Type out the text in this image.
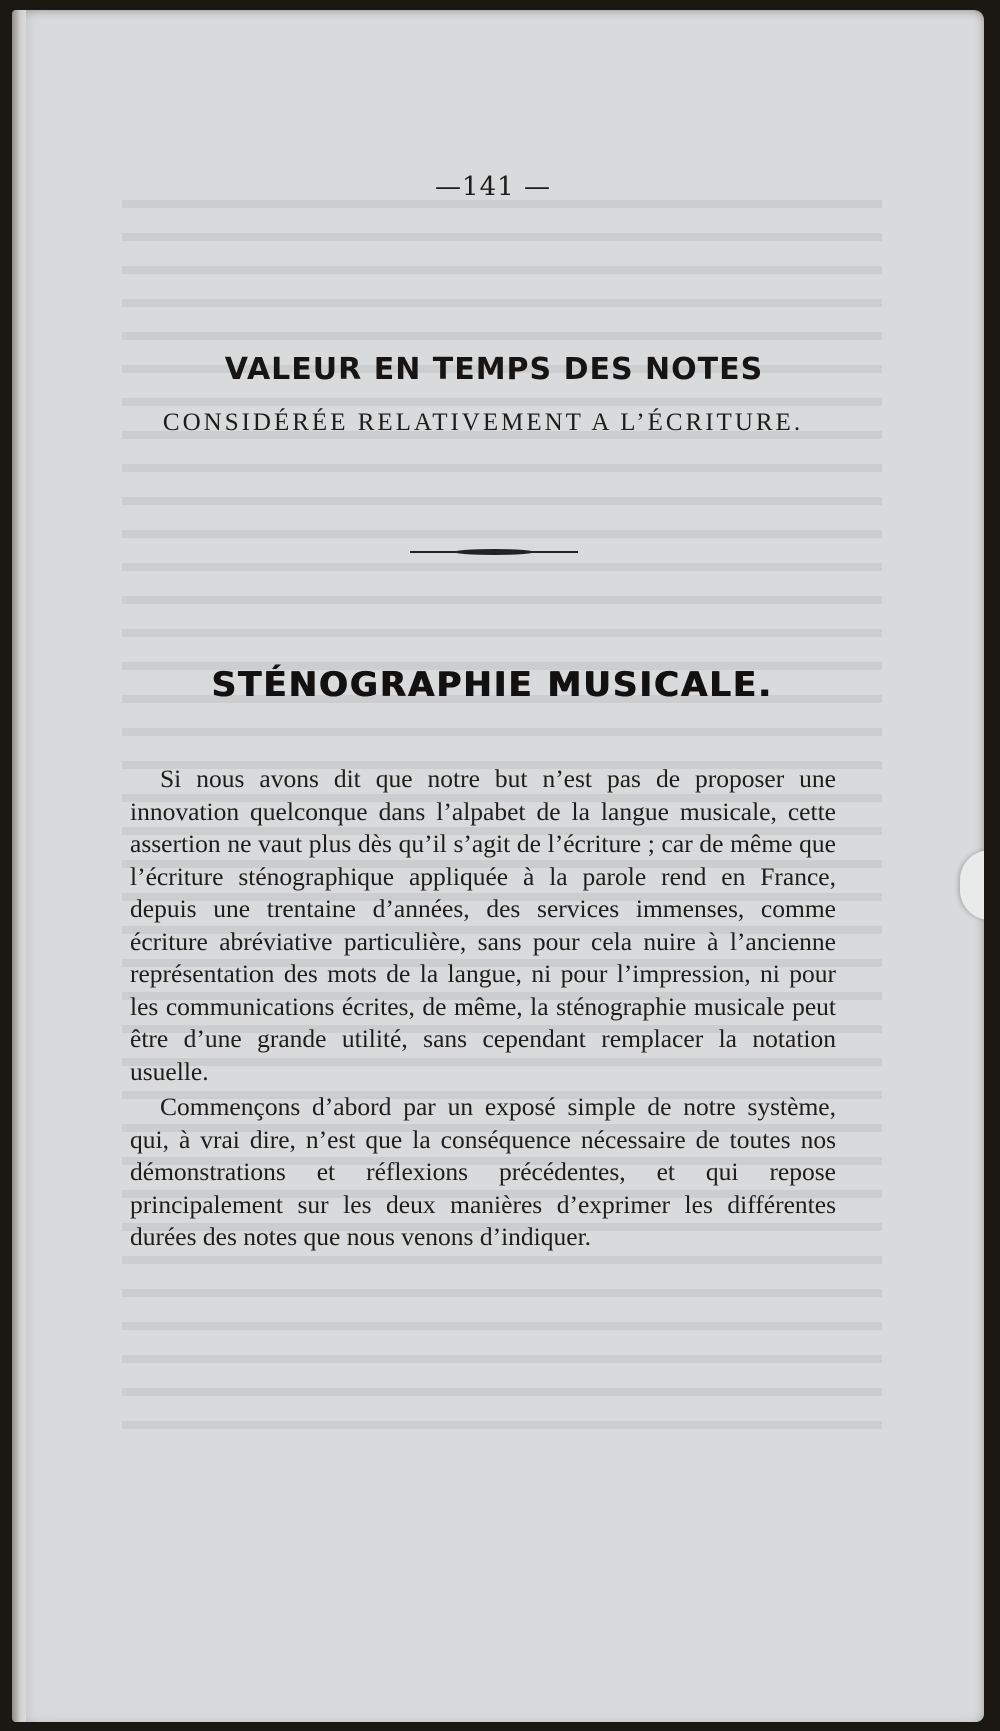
—141 —
VALEUR EN TEMPS DES NOTES
CONSIDÉRÉE RELATIVEMENT A L’ÉCRITURE.
STÉNOGRAPHIE MUSICALE.

Si nous avons dit que notre but n’est pas de proposer une innovation quelconque dans l’alpabet de la langue musicale, cette assertion ne vaut plus dès qu’il s’agit de l’écriture ; car de même que l’écriture sténographique appliquée à la parole rend en France, depuis une trentaine d’années, des services immenses, comme écriture abréviative particulière, sans pour cela nuire à l’ancienne représentation des mots de la langue, ni pour l’impression, ni pour les communications écrites, de même, la sténographie musicale peut être d’une grande utilité, sans cependant remplacer la notation usuelle.

Commençons d’abord par un exposé simple de notre système, qui, à vrai dire, n’est que la conséquence nécessaire de toutes nos démonstrations et réflexions précédentes, et qui repose principalement sur les deux manières d’exprimer les différentes durées des notes que nous venons d’indiquer.
